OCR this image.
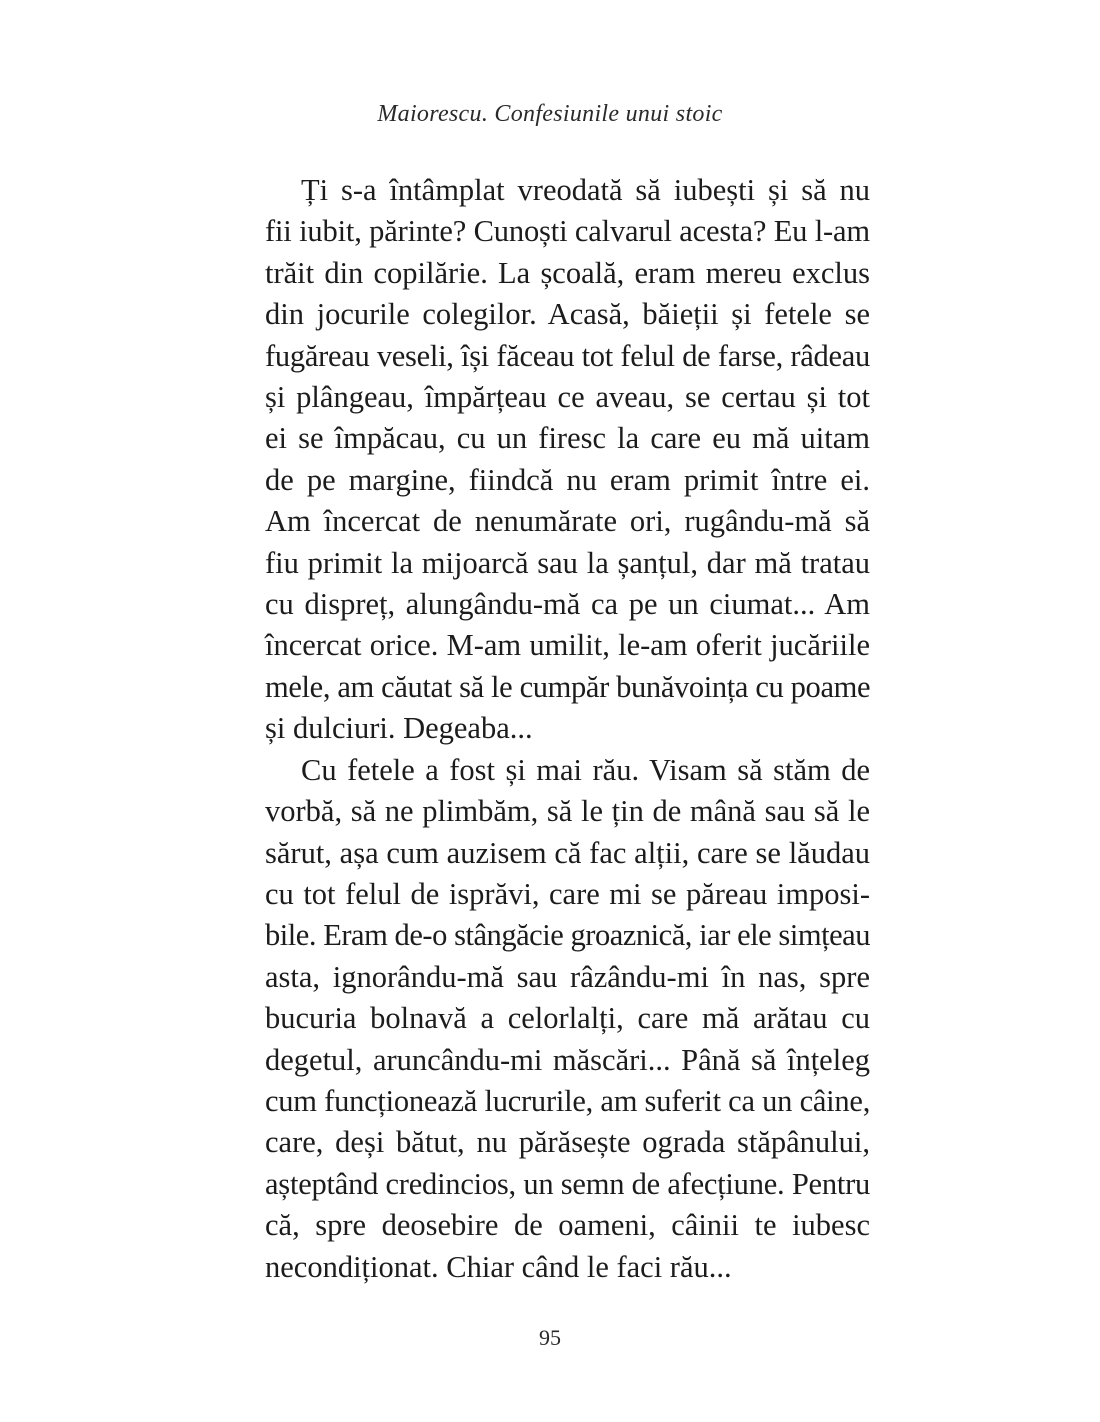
Maiorescu. Confesiunile unui stoic
Ți s-a întâmplat vreodată să iubești și să nu
fii iubit, părinte? Cunoști calvarul acesta? Eu l-am
trăit din copilărie. La școală, eram mereu exclus
din jocurile colegilor. Acasă, băieții și fetele se
fugăreau veseli, își făceau tot felul de farse, râdeau
și plângeau, împărțeau ce aveau, se certau și tot
ei se împăcau, cu un firesc la care eu mă uitam
de pe margine, fiindcă nu eram primit între ei.
Am încercat de nenumărate ori, rugându-mă să
fiu primit la mijoarcă sau la șanțul, dar mă tratau
cu dispreț, alungându-mă ca pe un ciumat... Am
încercat orice. M-am umilit, le-am oferit jucăriile
mele, am căutat să le cumpăr bunăvoința cu poame
și dulciuri. Degeaba...
Cu fetele a fost și mai rău. Visam să stăm de
vorbă, să ne plimbăm, să le țin de mână sau să le
sărut, așa cum auzisem că fac alții, care se lăudau
cu tot felul de isprăvi, care mi se păreau imposi-
bile. Eram de-o stângăcie groaznică, iar ele simțeau
asta, ignorându-mă sau râzându-mi în nas, spre
bucuria bolnavă a celorlalți, care mă arătau cu
degetul, aruncându-mi măscări... Până să înțeleg
cum funcționează lucrurile, am suferit ca un câine,
care, deși bătut, nu părăsește ograda stăpânului,
așteptând credincios, un semn de afecțiune. Pentru
că, spre deosebire de oameni, câinii te iubesc
necondiționat. Chiar când le faci rău...
95
